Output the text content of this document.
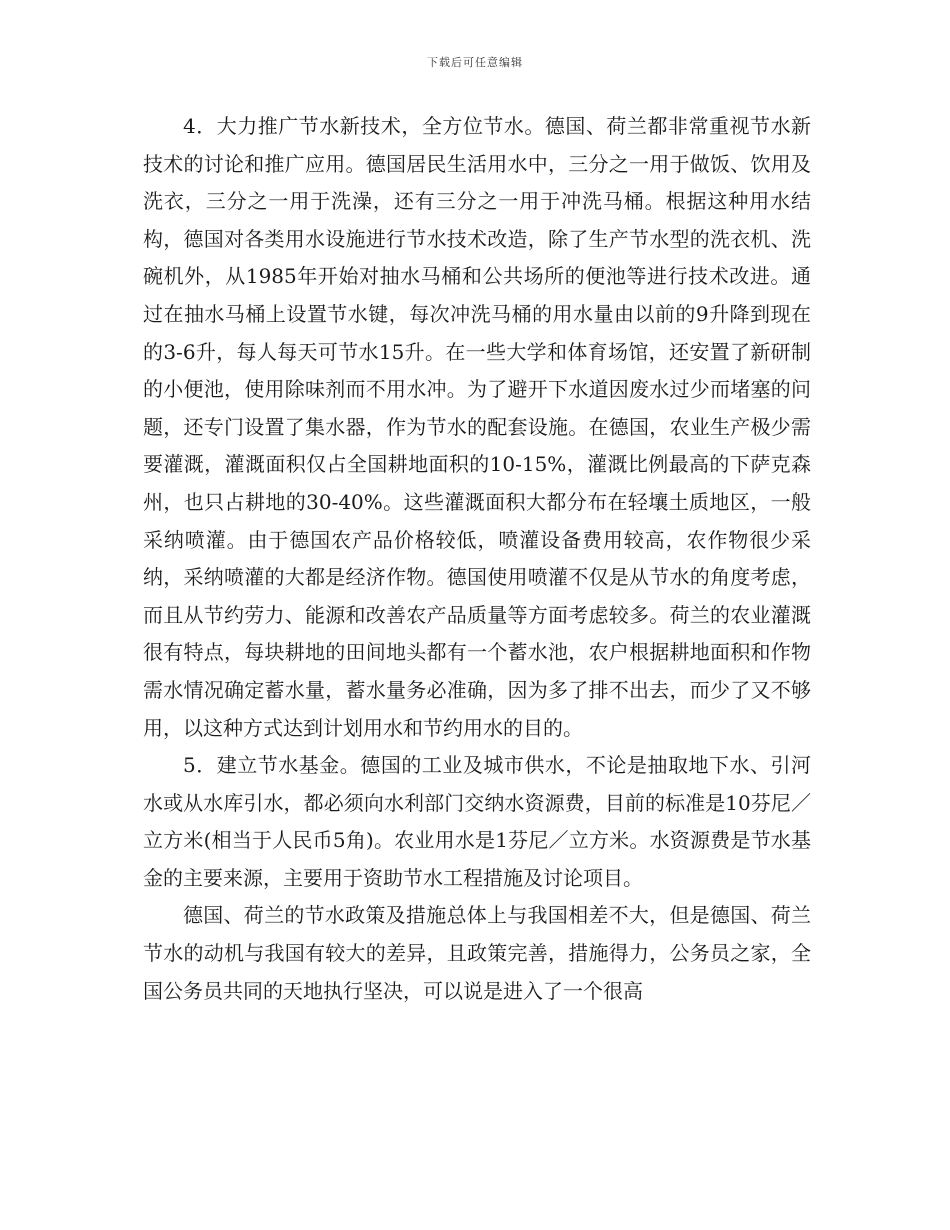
下载后可任意编辑

4．大力推广节水新技术，全方位节水。德国、荷兰都非常重视节水新技术的讨论和推广应用。德国居民生活用水中，三分之一用于做饭、饮用及洗衣，三分之一用于洗澡，还有三分之一用于冲洗马桶。根据这种用水结构，德国对各类用水设施进行节水技术改造，除了生产节水型的洗衣机、洗碗机外，从1985年开始对抽水马桶和公共场所的便池等进行技术改进。通过在抽水马桶上设置节水键，每次冲洗马桶的用水量由以前的9升降到现在的3-6升，每人每天可节水15升。在一些大学和体育场馆，还安置了新研制的小便池，使用除味剂而不用水冲。为了避开下水道因废水过少而堵塞的问题，还专门设置了集水器，作为节水的配套设施。在德国，农业生产极少需要灌溉，灌溉面积仅占全国耕地面积的10-15%，灌溉比例最高的下萨克森州，也只占耕地的30-40%。这些灌溉面积大都分布在轻壤土质地区，一般采纳喷灌。由于德国农产品价格较低，喷灌设备费用较高，农作物很少采纳，采纳喷灌的大都是经济作物。德国使用喷灌不仅是从节水的角度考虑，而且从节约劳力、能源和改善农产品质量等方面考虑较多。荷兰的农业灌溉很有特点，每块耕地的田间地头都有一个蓄水池，农户根据耕地面积和作物需水情况确定蓄水量，蓄水量务必准确，因为多了排不出去，而少了又不够用，以这种方式达到计划用水和节约用水的目的。

5．建立节水基金。德国的工业及城市供水，不论是抽取地下水、引河水或从水库引水，都必须向水利部门交纳水资源费，目前的标准是10芬尼／立方米(相当于人民币5角)。农业用水是1芬尼／立方米。水资源费是节水基金的主要来源，主要用于资助节水工程措施及讨论项目。

德国、荷兰的节水政策及措施总体上与我国相差不大，但是德国、荷兰节水的动机与我国有较大的差异，且政策完善，措施得力，公务员之家，全国公务员共同的天地执行坚决，可以说是进入了一个很高
